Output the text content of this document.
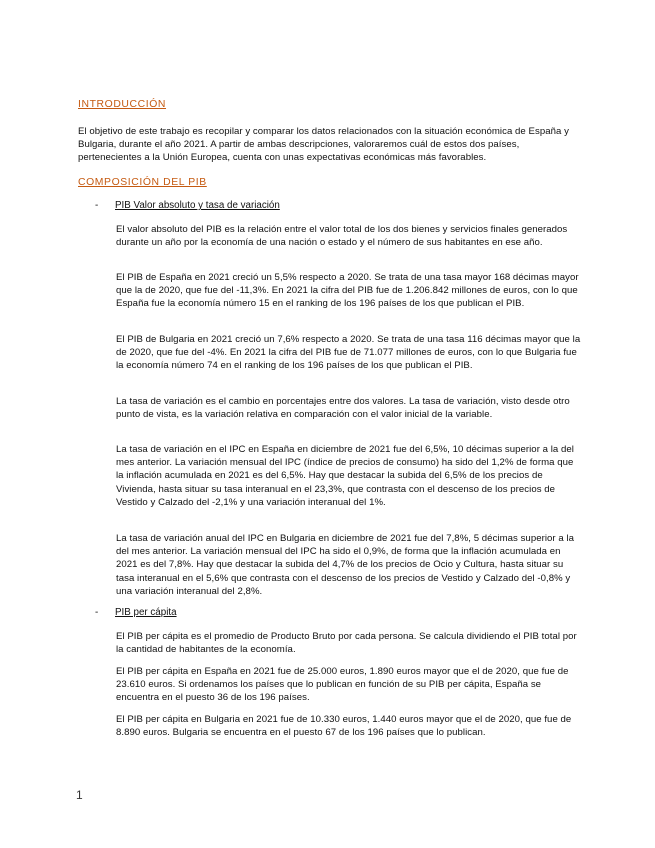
INTRODUCCIÓN

El objetivo de este trabajo es recopilar y comparar los datos relacionados con la situación económica de España y Bulgaria, durante el año 2021. A partir de ambas descripciones, valoraremos cuál de estos dos países, pertenecientes a la Unión Europea, cuenta con unas expectativas económicas más favorables.

COMPOSICIÓN DEL PIB
-	PIB Valor absoluto y tasa de variación

El valor absoluto del PIB es la relación entre el valor total de los dos bienes y servicios finales generados durante un año por la economía de una nación o estado y el número de sus habitantes en ese año.

El PIB de España en 2021 creció un 5,5% respecto a 2020. Se trata de una tasa mayor 168 décimas mayor que la de 2020, que fue del -11,3%. En 2021 la cifra del PIB fue de 1.206.842 millones de euros, con lo que España fue la economía número 15 en el ranking de los 196 países de los que publican el PIB.

El PIB de Bulgaria en 2021 creció un 7,6% respecto a 2020. Se trata de una tasa 116 décimas mayor que la de 2020, que fue del -4%. En 2021 la cifra del PIB fue de 71.077 millones de euros, con lo que Bulgaria fue la economía número 74 en el ranking de los 196 países de los que publican el PIB.

La tasa de variación es el cambio en porcentajes entre dos valores. La tasa de variación, visto desde otro punto de vista, es la variación relativa en comparación con el valor inicial de la variable.

La tasa de variación en el IPC en España en diciembre de 2021 fue del 6,5%, 10 décimas superior a la del mes anterior. La variación mensual del IPC (índice de precios de consumo) ha sido del 1,2% de forma que la inflación acumulada en 2021 es del 6,5%. Hay que destacar la subida del 6,5% de los precios de Vivienda, hasta situar su tasa interanual en el 23,3%, que contrasta con el descenso de los precios de Vestido y Calzado del -2,1% y una variación interanual del 1%.

La tasa de variación anual del IPC en Bulgaria en diciembre de 2021 fue del 7,8%, 5 décimas superior a la del mes anterior. La variación mensual del IPC ha sido el 0,9%, de forma que la inflación acumulada en 2021 es del 7,8%. Hay que destacar la subida del 4,7% de los precios de Ocio y Cultura, hasta situar su tasa interanual en el 5,6% que contrasta con el descenso de los precios de Vestido y Calzado del -0,8% y una variación interanual del 2,8%.

-	PIB per cápita

El PIB per cápita es el promedio de Producto Bruto por cada persona. Se calcula dividiendo el PIB total por la cantidad de habitantes de la economía.

El PIB per cápita en España en 2021 fue de 25.000 euros, 1.890 euros mayor que el de 2020, que fue de 23.610 euros. Si ordenamos los países que lo publican en función de su PIB per cápita, España se encuentra en el puesto 36 de los 196 países.

El PIB per cápita en Bulgaria en 2021 fue de 10.330 euros, 1.440 euros mayor que el de 2020, que fue de 8.890 euros. Bulgaria se encuentra en el puesto 67 de los 196 países que lo publican.

1
